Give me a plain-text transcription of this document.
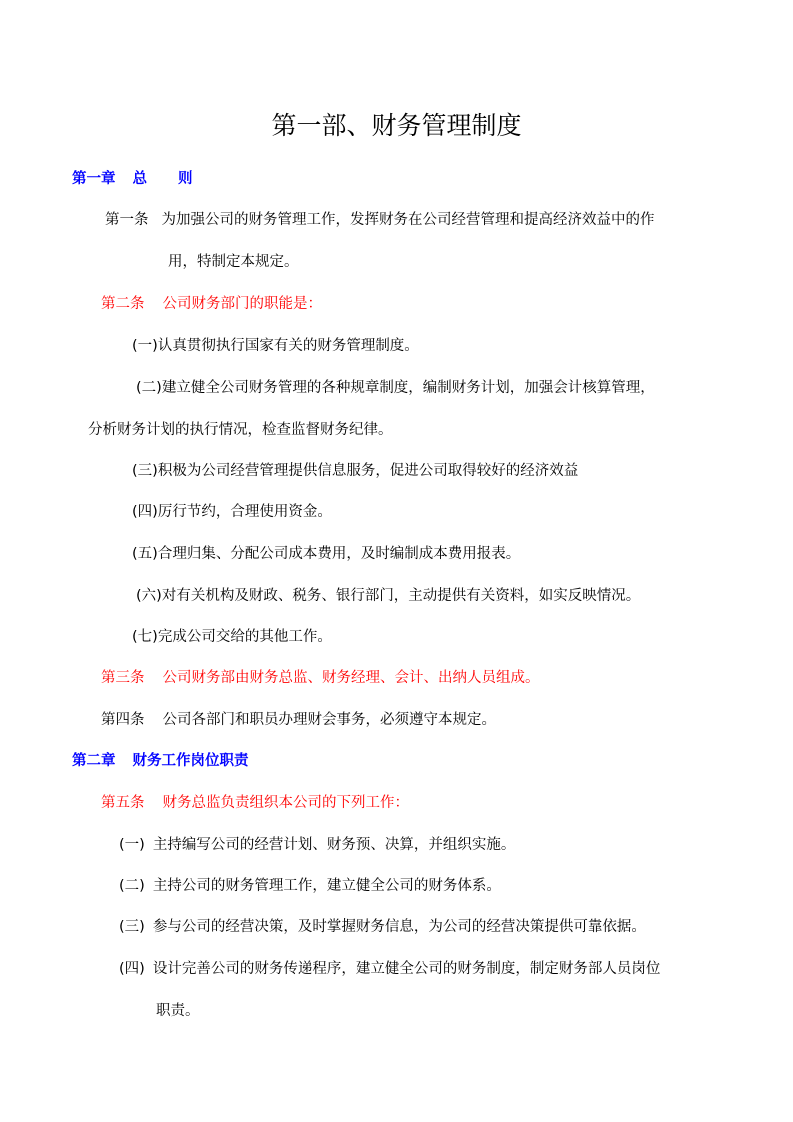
第一部、财务管理制度
第一章 总 则
第一条 为加强公司的财务管理工作，发挥财务在公司经营管理和提高经济效益中的作
用，特制定本规定。
第二条 公司财务部门的职能是：
(一)认真贯彻执行国家有关的财务管理制度。
(二)建立健全公司财务管理的各种规章制度，编制财务计划，加强会计核算管理，
分析财务计划的执行情况，检查监督财务纪律。
(三)积极为公司经营管理提供信息服务，促进公司取得较好的经济效益
(四)厉行节约，合理使用资金。
(五)合理归集、分配公司成本费用，及时编制成本费用报表。
(六)对有关机构及财政、税务、银行部门，主动提供有关资料，如实反映情况。
(七)完成公司交给的其他工作。
第三条 公司财务部由财务总监、财务经理、会计、出纳人员组成。
第四条 公司各部门和职员办理财会事务，必须遵守本规定。
第二章 财务工作岗位职责
第五条 财务总监负责组织本公司的下列工作：
(一) 主持编写公司的经营计划、财务预、决算，并组织实施。
(二) 主持公司的财务管理工作，建立健全公司的财务体系。
(三) 参与公司的经营决策，及时掌握财务信息，为公司的经营决策提供可靠依据。
(四) 设计完善公司的财务传递程序，建立健全公司的财务制度，制定财务部人员岗位
职责。
